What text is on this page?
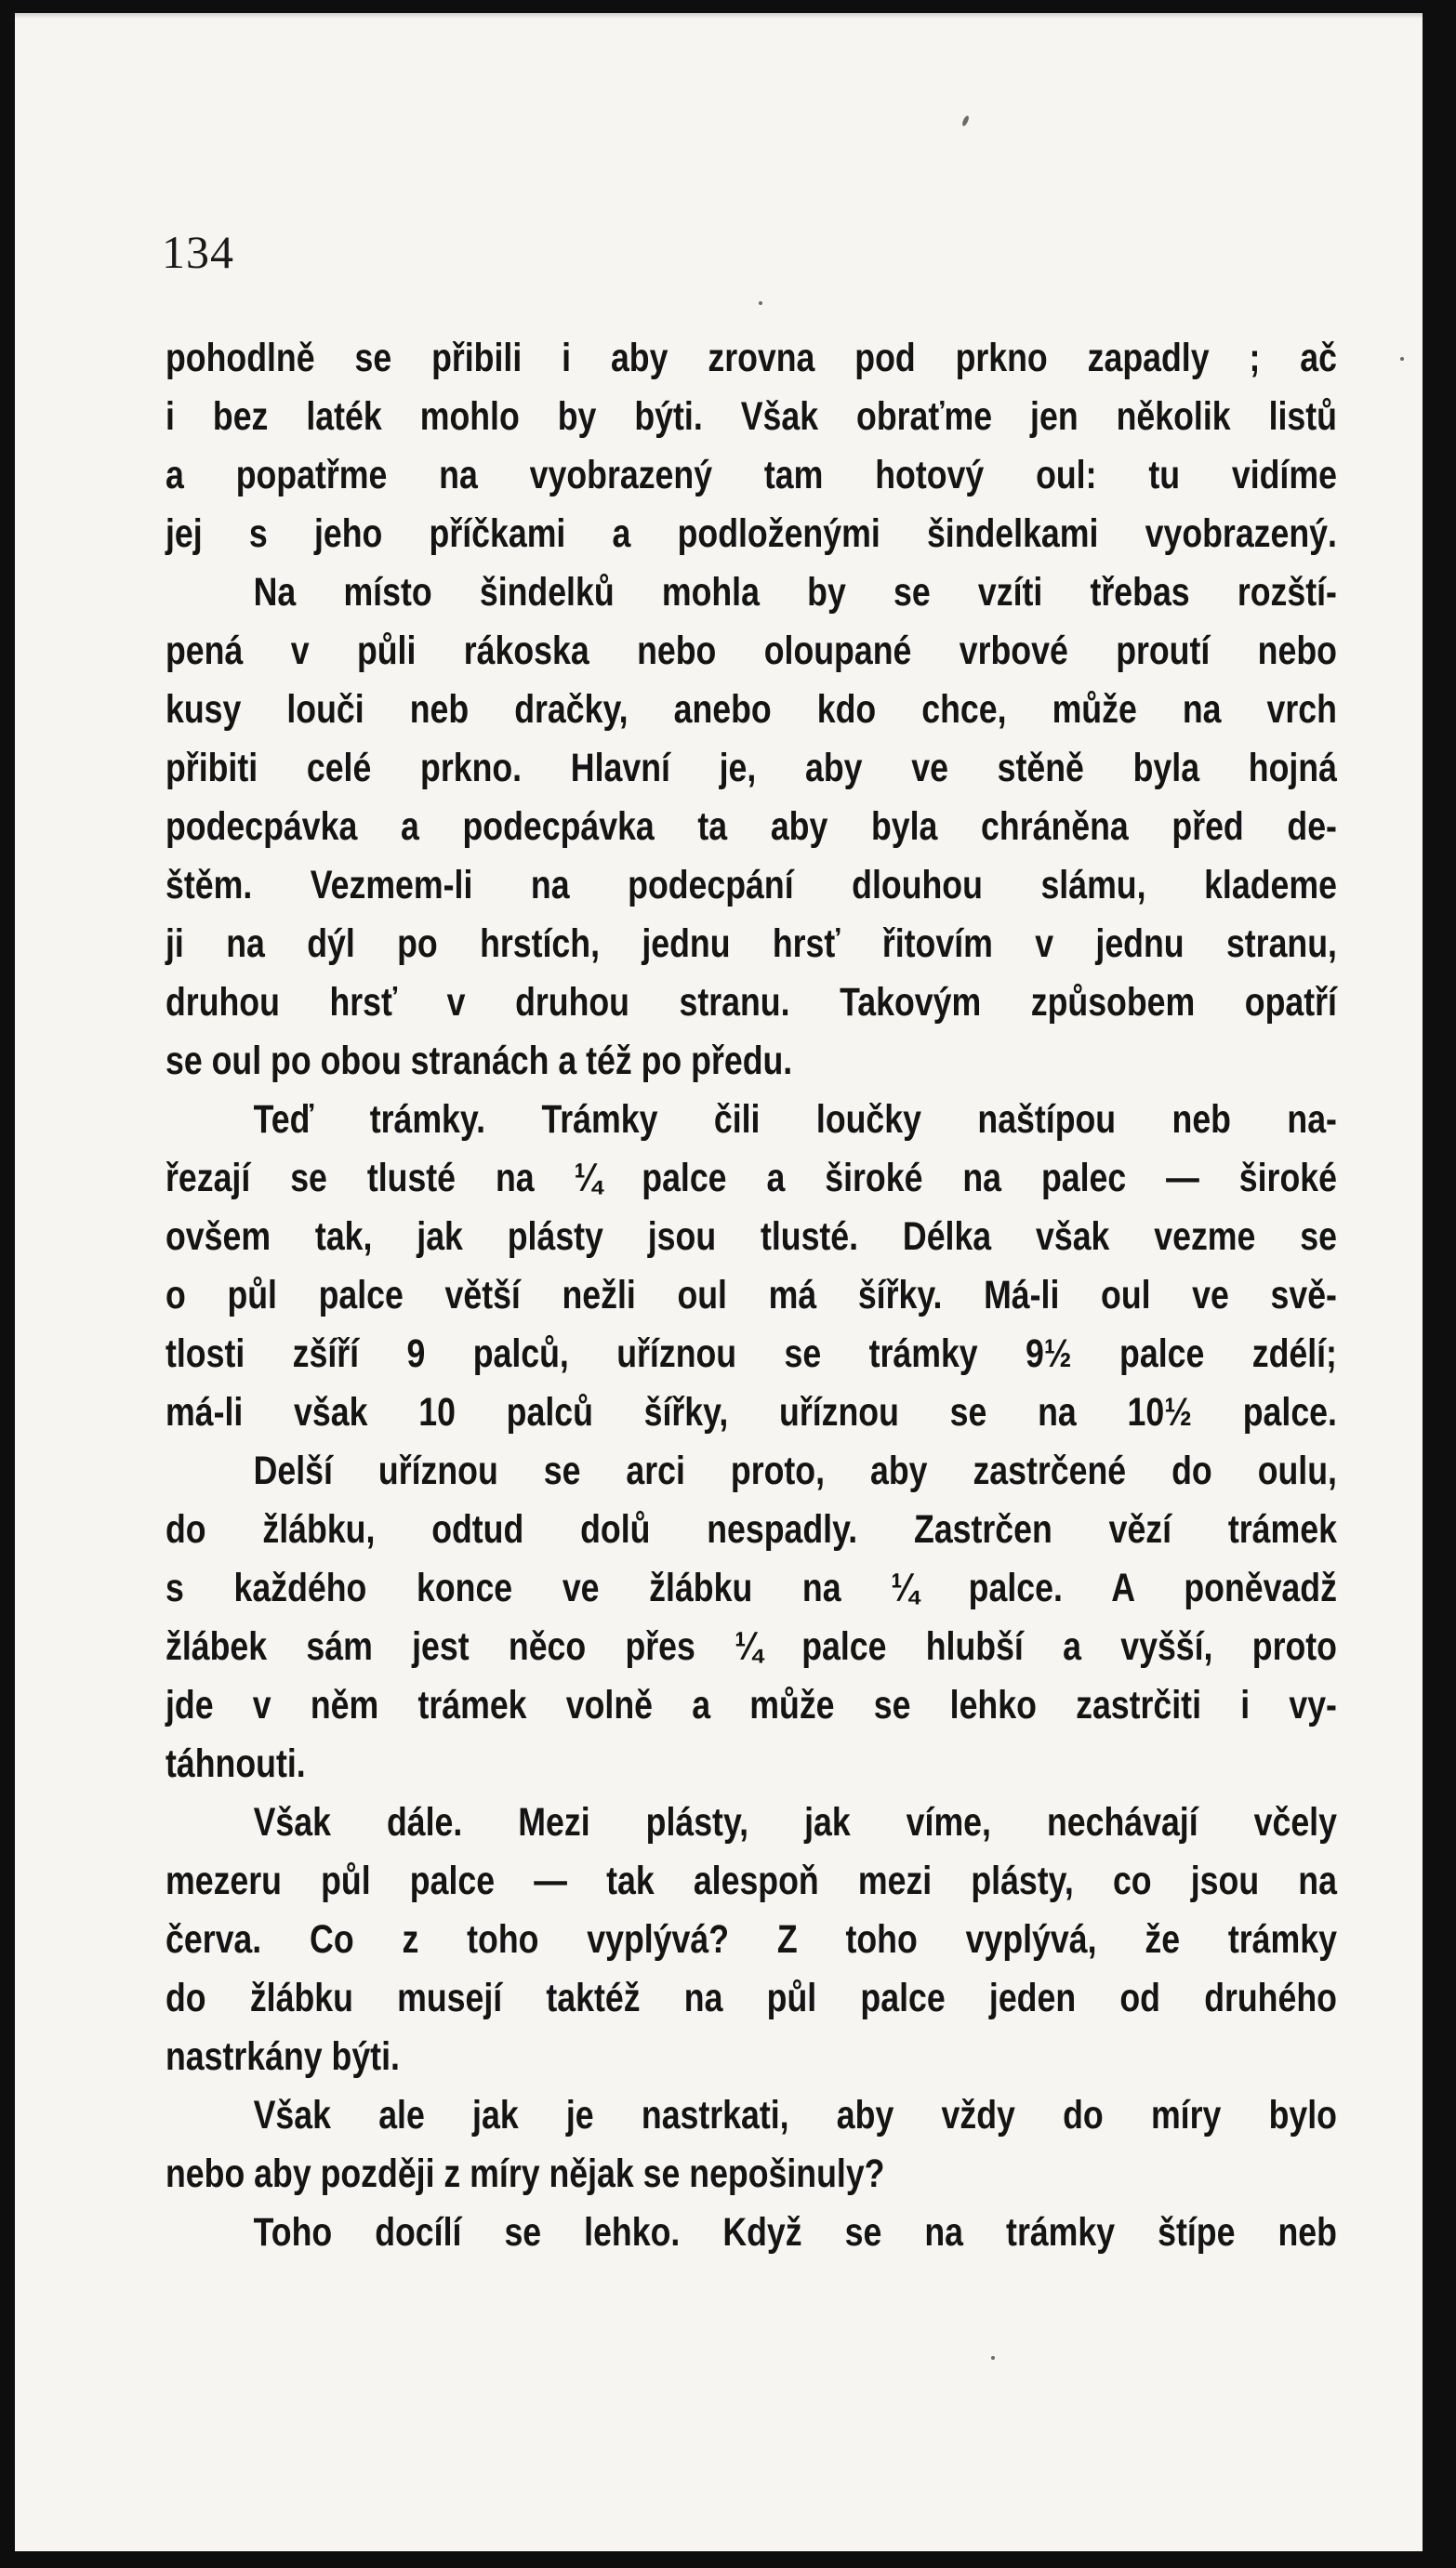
134
pohodlně se přibili i aby zrovna pod prkno zapadly ; ač
i bez laték mohlo by býti. Však obraťme jen několik listů
a popatřme na vyobrazený tam hotový oul: tu vidíme
jej s jeho příčkami a podloženými šindelkami vyobrazený.
Na místo šindelků mohla by se vzíti třebas rozští-
pená v půli rákoska nebo oloupané vrbové proutí nebo
kusy louči neb dračky, anebo kdo chce, může na vrch
přibiti celé prkno. Hlavní je, aby ve stěně byla hojná
podecpávka a podecpávka ta aby byla chráněna před de-
štěm. Vezmem-li na podecpání dlouhou slámu, klademe
ji na dýl po hrstích, jednu hrsť řitovím v jednu stranu,
druhou hrsť v druhou stranu. Takovým způsobem opatří
se oul po obou stranách a též po předu.
Teď trámky. Trámky čili loučky naštípou neb na-
řezají se tlusté na ¼ palce a široké na palec — široké
ovšem tak, jak plásty jsou tlusté. Délka však vezme se
o půl palce větší nežli oul má šířky. Má-li oul ve svě-
tlosti zšíří 9 palců, uříznou se trámky 9½ palce zdélí;
má-li však 10 palců šířky, uříznou se na 10½ palce.
Delší uříznou se arci proto, aby zastrčené do oulu,
do žlábku, odtud dolů nespadly. Zastrčen vězí trámek
s každého konce ve žlábku na ¼ palce. A poněvadž
žlábek sám jest něco přes ¼ palce hlubší a vyšší, proto
jde v něm trámek volně a může se lehko zastrčiti i vy-
táhnouti.
Však dále. Mezi plásty, jak víme, nechávají včely
mezeru půl palce — tak alespoň mezi plásty, co jsou na
červa. Co z toho vyplývá? Z toho vyplývá, že trámky
do žlábku musejí taktéž na půl palce jeden od druhého
nastrkány býti.
Však ale jak je nastrkati, aby vždy do míry bylo
nebo aby později z míry nějak se nepošinuly?
Toho docílí se lehko. Když se na trámky štípe neb
